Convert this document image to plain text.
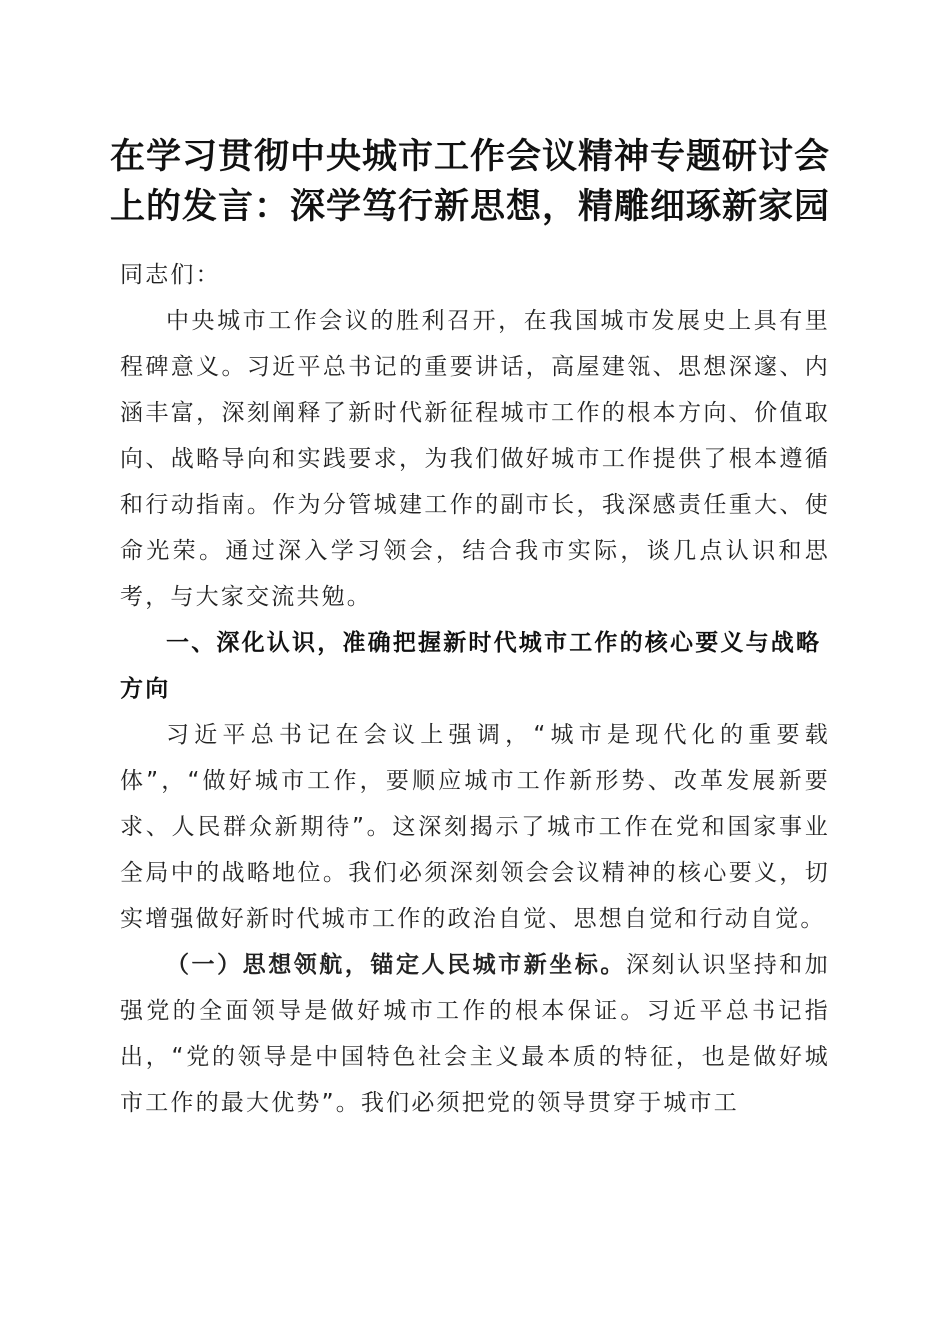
在学习贯彻中央城市工作会议精神专题研讨会
上的发言：深学笃行新思想，精雕细琢新家园

同志们：

中央城市工作会议的胜利召开，在我国城市发展史上具有里程碑意义。习近平总书记的重要讲话，高屋建瓴、思想深邃、内涵丰富，深刻阐释了新时代新征程城市工作的根本方向、价值取向、战略导向和实践要求，为我们做好城市工作提供了根本遵循和行动指南。作为分管城建工作的副市长，我深感责任重大、使命光荣。通过深入学习领会，结合我市实际，谈几点认识和思考，与大家交流共勉。

一、深化认识，准确把握新时代城市工作的核心要义与战略方向

习近平总书记在会议上强调，“城市是现代化的重要载体”，“做好城市工作，要顺应城市工作新形势、改革发展新要求、人民群众新期待”。这深刻揭示了城市工作在党和国家事业全局中的战略地位。我们必须深刻领会会议精神的核心要义，切实增强做好新时代城市工作的政治自觉、思想自觉和行动自觉。

（一）思想领航，锚定人民城市新坐标。深刻认识坚持和加强党的全面领导是做好城市工作的根本保证。习近平总书记指出，“党的领导是中国特色社会主义最本质的特征，也是做好城市工作的最大优势”。我们必须把党的领导贯穿于城市工
